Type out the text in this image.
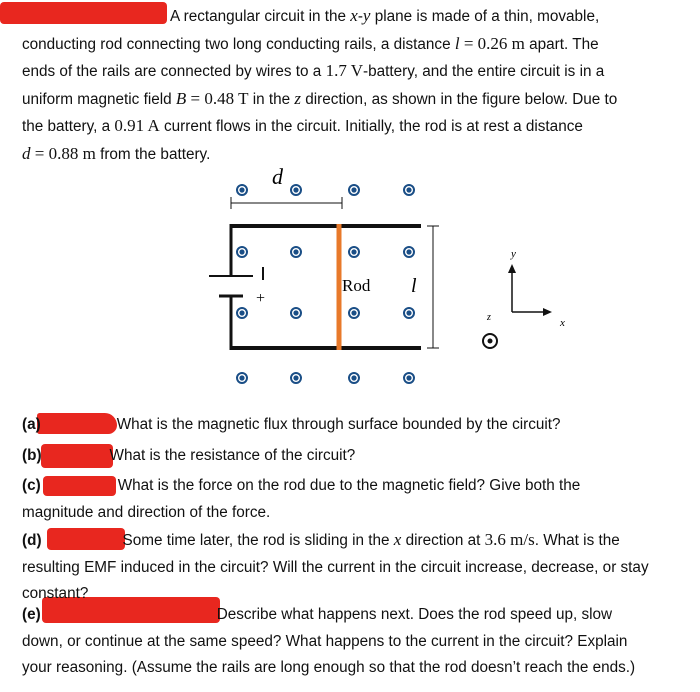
A rectangular circuit in the x-y plane is made of a thin, movable,
conducting rod connecting two long conducting rails, a distance l = 0.26 m apart. The
ends of the rails are connected by wires to a 1.7 V-battery, and the entire circuit is in a
uniform magnetic field B = 0.48 T in the z direction, as shown in the figure below. Due to
the battery, a 0.91 A current flows in the circuit. Initially, the rod is at rest a distance
d = 0.88 m from the battery.
d
+
Rod l
y
x
z
(a)	What is the magnetic flux through surface bounded by the circuit?
(b)	What is the resistance of the circuit?
(c)	What is the force on the rod due to the magnetic field? Give both the
magnitude and direction of the force.
(d)	Some time later, the rod is sliding in the x direction at 3.6 m/s. What is the
resulting EMF induced in the circuit? Will the current in the circuit increase, decrease, or stay
constant?
(e)	Describe what happens next. Does the rod speed up, slow
down, or continue at the same speed? What happens to the current in the circuit? Explain
your reasoning. (Assume the rails are long enough so that the rod doesn’t reach the ends.)
